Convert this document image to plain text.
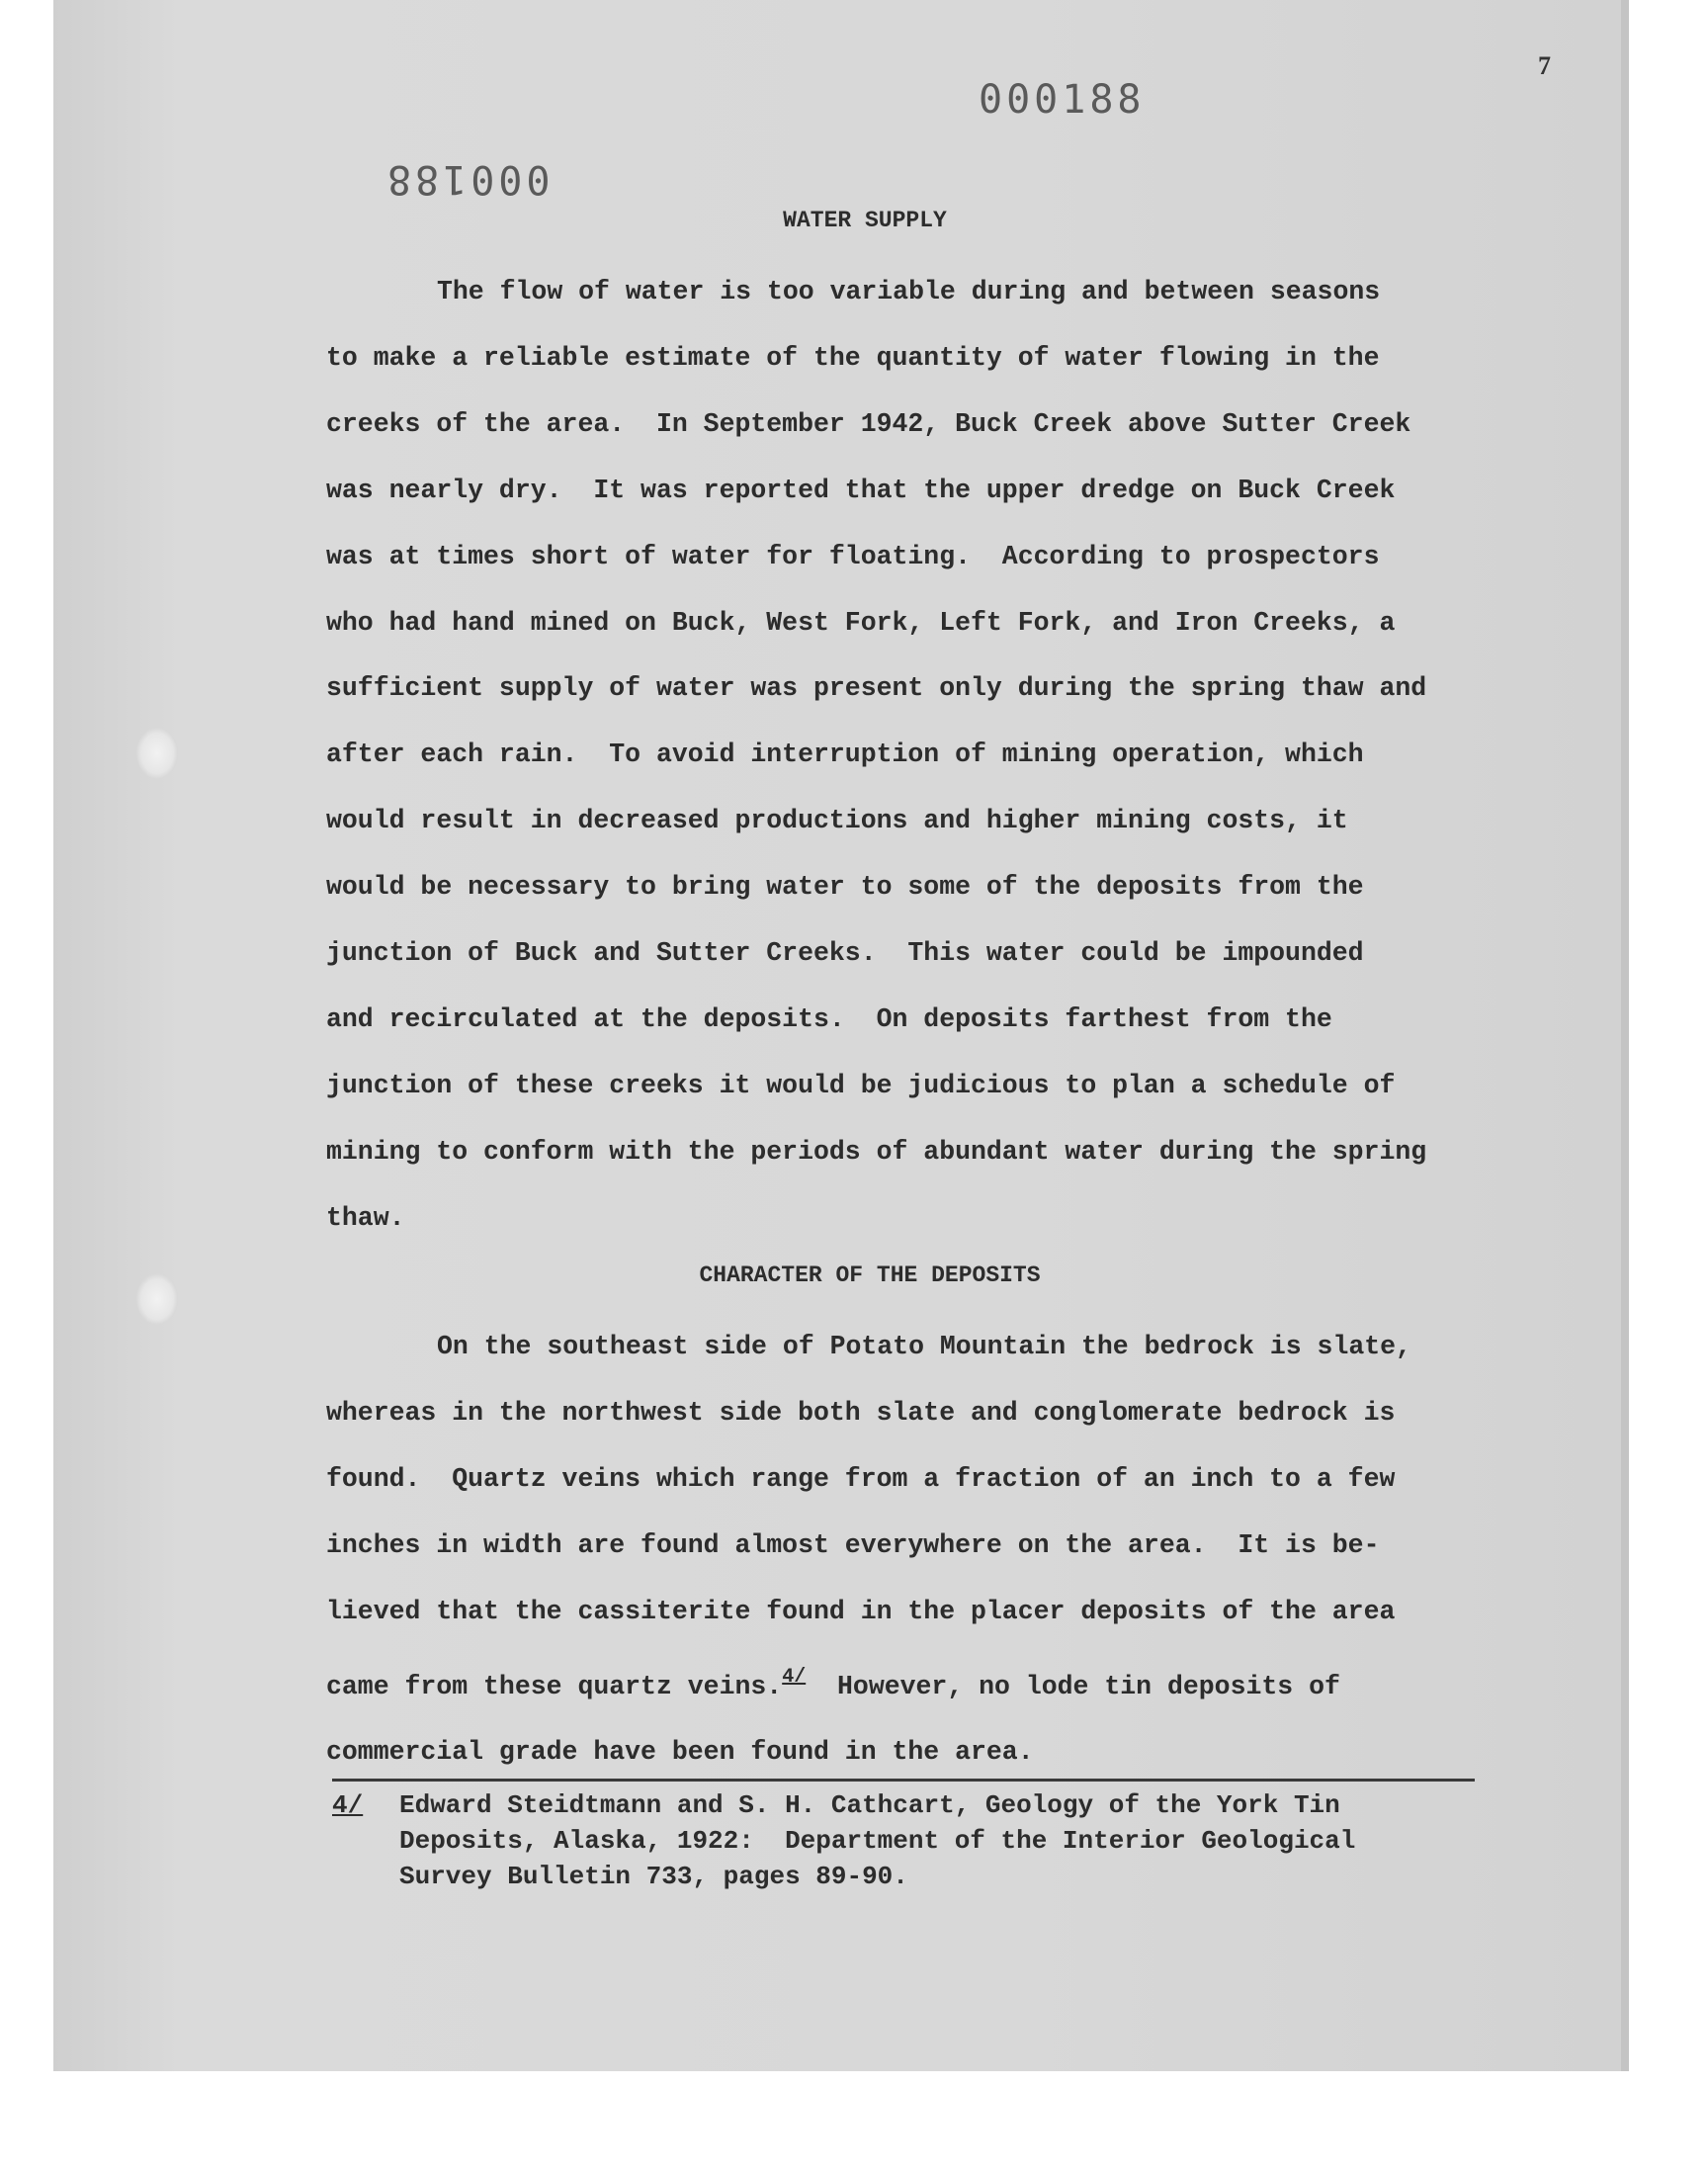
7
000188
000188
WATER SUPPLY
The flow of water is too variable during and between seasons
to make a reliable estimate of the quantity of water flowing in the
creeks of the area.  In September 1942, Buck Creek above Sutter Creek
was nearly dry.  It was reported that the upper dredge on Buck Creek
was at times short of water for floating.  According to prospectors
who had hand mined on Buck, West Fork, Left Fork, and Iron Creeks, a
sufficient supply of water was present only during the spring thaw and
after each rain.  To avoid interruption of mining operation, which
would result in decreased productions and higher mining costs, it
would be necessary to bring water to some of the deposits from the
junction of Buck and Sutter Creeks.  This water could be impounded
and recirculated at the deposits.  On deposits farthest from the
junction of these creeks it would be judicious to plan a schedule of
mining to conform with the periods of abundant water during the spring
thaw.
CHARACTER OF THE DEPOSITS
On the southeast side of Potato Mountain the bedrock is slate,
whereas in the northwest side both slate and conglomerate bedrock is
found.  Quartz veins which range from a fraction of an inch to a few
inches in width are found almost everywhere on the area.  It is be-
lieved that the cassiterite found in the placer deposits of the area
came from these quartz veins.$^{4/}$  However, no lode tin deposits of
commercial grade have been found in the area.
4/ Edward Steidtmann and S. H. Cathcart, Geology of the York Tin
Deposits, Alaska, 1922:  Department of the Interior Geological
Survey Bulletin 733, pages 89-90.
